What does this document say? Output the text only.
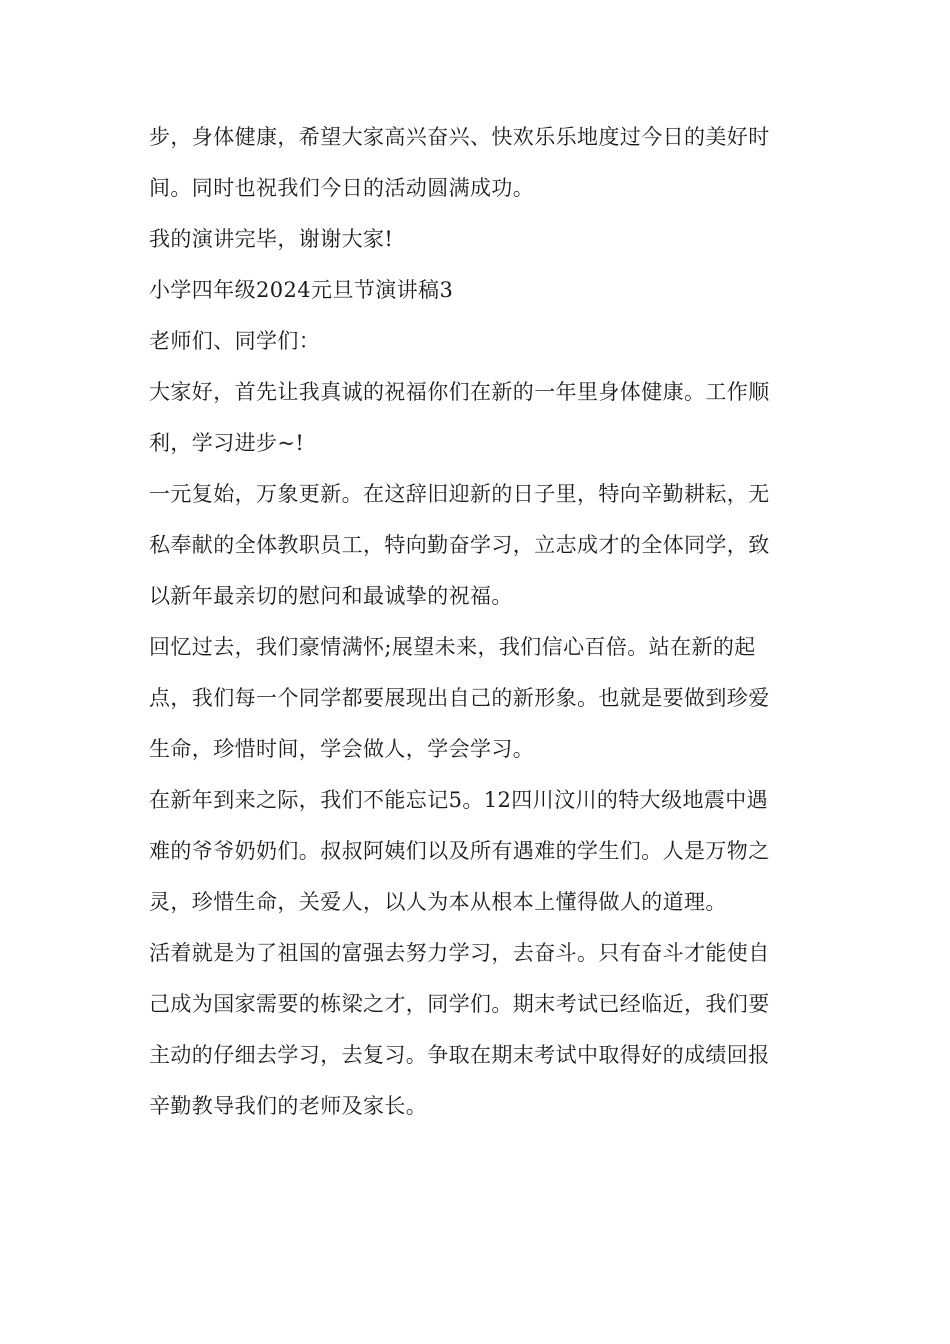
步，身体健康，希望大家高兴奋兴、快欢乐乐地度过今日的美好时
间。同时也祝我们今日的活动圆满成功。

我的演讲完毕，谢谢大家!

小学四年级2024元旦节演讲稿3

老师们、同学们：

大家好，首先让我真诚的祝福你们在新的一年里身体健康。工作顺
利，学习进步~!

一元复始，万象更新。在这辞旧迎新的日子里，特向辛勤耕耘，无
私奉献的全体教职员工，特向勤奋学习，立志成才的全体同学，致
以新年最亲切的慰问和最诚挚的祝福。

回忆过去，我们豪情满怀;展望未来，我们信心百倍。站在新的起
点，我们每一个同学都要展现出自己的新形象。也就是要做到珍爱
生命，珍惜时间，学会做人，学会学习。

在新年到来之际，我们不能忘记5。12四川汶川的特大级地震中遇
难的爷爷奶奶们。叔叔阿姨们以及所有遇难的学生们。人是万物之
灵，珍惜生命，关爱人，以人为本从根本上懂得做人的道理。

活着就是为了祖国的富强去努力学习，去奋斗。只有奋斗才能使自
己成为国家需要的栋梁之才，同学们。期末考试已经临近，我们要
主动的仔细去学习，去复习。争取在期末考试中取得好的成绩回报
辛勤教导我们的老师及家长。
